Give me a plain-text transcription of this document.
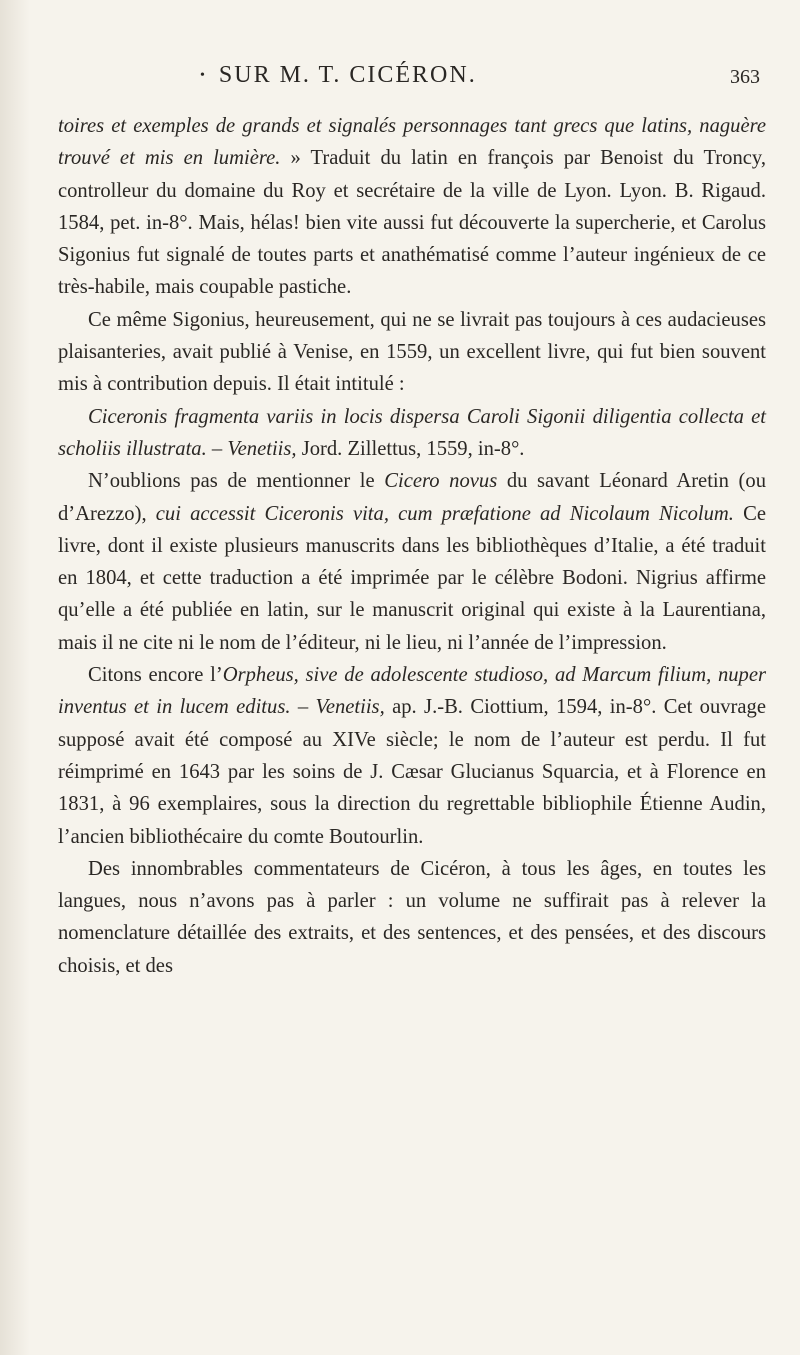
• SUR M. T. CICÉRON.	363

toires et exemples de grands et signalés personnages tant grecs que latins, naguère trouvé et mis en lumière. » Traduit du latin en françois par Benoist du Troncy, controlleur du domaine du Roy et secrétaire de la ville de Lyon. Lyon. B. Rigaud. 1584, pet. in-8°. Mais, hélas! bien vite aussi fut découverte la supercherie, et Carolus Sigonius fut signalé de toutes parts et anathématisé comme l’auteur ingénieux de ce très-habile, mais coupable pastiche.

Ce même Sigonius, heureusement, qui ne se livrait pas toujours à ces audacieuses plaisanteries, avait publié à Venise, en 1559, un excellent livre, qui fut bien souvent mis à contribution depuis. Il était intitulé :

Ciceronis fragmenta variis in locis dispersa Caroli Sigonii diligentia collecta et scholiis illustrata. – Venetiis, Jord. Zillettus, 1559, in-8°.

N’oublions pas de mentionner le Cicero novus du savant Léonard Aretin (ou d’Arezzo), cui accessit Ciceronis vita, cum præfatione ad Nicolaum Nicolum. Ce livre, dont il existe plusieurs manuscrits dans les bibliothèques d’Italie, a été traduit en 1804, et cette traduction a été imprimée par le célèbre Bodoni. Nigrius affirme qu’elle a été publiée en latin, sur le manuscrit original qui existe à la Laurentiana, mais il ne cite ni le nom de l’éditeur, ni le lieu, ni l’année de l’impression.

Citons encore l’Orpheus, sive de adolescente studioso, ad Marcum filium, nuper inventus et in lucem editus. – Venetiis, ap. J.-B. Ciottium, 1594, in-8°. Cet ouvrage supposé avait été composé au XIVe siècle; le nom de l’auteur est perdu. Il fut réimprimé en 1643 par les soins de J. Cæsar Glucianus Squarcia, et à Florence en 1831, à 96 exemplaires, sous la direction du regrettable bibliophile Étienne Audin, l’ancien bibliothécaire du comte Boutourlin.

Des innombrables commentateurs de Cicéron, à tous les âges, en toutes les langues, nous n’avons pas à parler : un volume ne suffirait pas à relever la nomenclature détaillée des extraits, et des sentences, et des pensées, et des discours choisis, et des
